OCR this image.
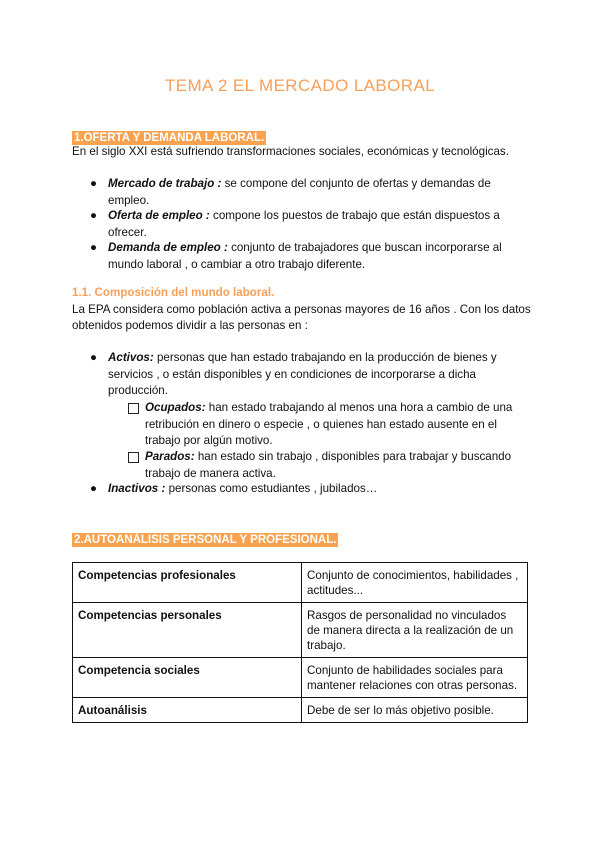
TEMA 2 EL MERCADO LABORAL
1.OFERTA Y DEMANDA LABORAL.
En el siglo XXI está sufriendo transformaciones sociales, económicas y tecnológicas.
● Mercado de trabajo : se compone del conjunto de ofertas y demandas de empleo.
● Oferta de empleo : compone los puestos de trabajo que están dispuestos a ofrecer.
● Demanda de empleo : conjunto de trabajadores que buscan incorporarse al mundo laboral , o cambiar a otro trabajo diferente.
1.1. Composición del mundo laboral.
La EPA considera como población activa a personas mayores de 16 años . Con los datos obtenidos podemos dividir a las personas en :
● Activos: personas que han estado trabajando en la producción de bienes y servicios , o están disponibles y en condiciones de incorporarse a dicha producción.
Ocupados: han estado trabajando al menos una hora a cambio de una retribución en dinero o especie , o quienes han estado ausente en el trabajo por algún motivo.
Parados: han estado sin trabajo , disponibles para trabajar y buscando trabajo de manera activa.
● Inactivos : personas como estudiantes , jubilados…
2.AUTOANÁLISIS PERSONAL Y PROFESIONAL.
Competencias profesionales	Conjunto de conocimientos, habilidades , actitudes...
Competencias personales	Rasgos de personalidad no vinculados de manera directa a la realización de un trabajo.
Competencia sociales	Conjunto de habilidades sociales para mantener relaciones con otras personas.
Autoanálisis	Debe de ser lo más objetivo posible.
